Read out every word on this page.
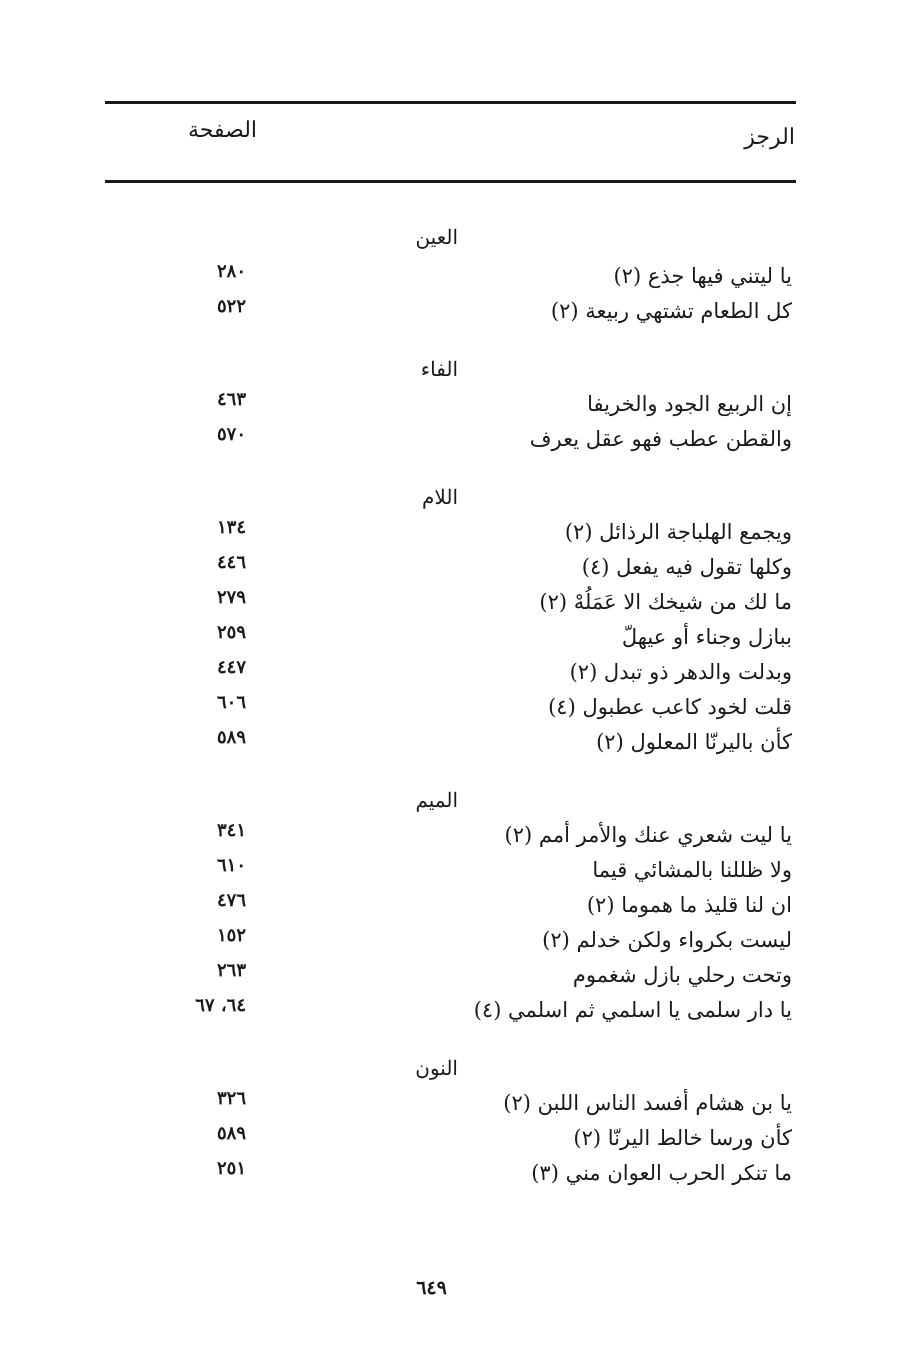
الرجز
الصفحة
العين
يا ليتني فيها جذع (٢)
٢٨٠
كل الطعام تشتهي ربيعة (٢)
٥٢٢
الفاء
إن الربيع الجود والخريفا
٤٦٣
والقطن عطب فهو عقل يعرف
٥٧٠
اللام
ويجمع الهلباجة الرذائل (٢)
١٣٤
وكلها تقول فيه يفعل (٤)
٤٤٦
ما لك من شيخك الا عَمَلُهْ (٢)
٢٧٩
ببازل وجناء أو عيهلّ
٢٥٩
وبدلت والدهر ذو تبدل (٢)
٤٤٧
قلت لخود كاعب عطبول (٤)
٦٠٦
كأن باليرنّا المعلول (٢)
٥٨٩
الميم
يا ليت شعري عنك والأمر أمم (٢)
٣٤١
ولا ظللنا بالمشائي قيما
٦١٠
ان لنا قليذ ما هموما (٢)
٤٧٦
ليست بكرواء ولكن خدلم (٢)
١٥٢
وتحت رحلي بازل شغموم
٢٦٣
يا دار سلمى يا اسلمي ثم اسلمي (٤)
٦٤، ٦٧
النون
يا بن هشام أفسد الناس اللبن (٢)
٣٢٦
كأن ورسا خالط اليرنّا (٢)
٥٨٩
ما تنكر الحرب العوان مني (٣)
٢٥١
٦٤٩
